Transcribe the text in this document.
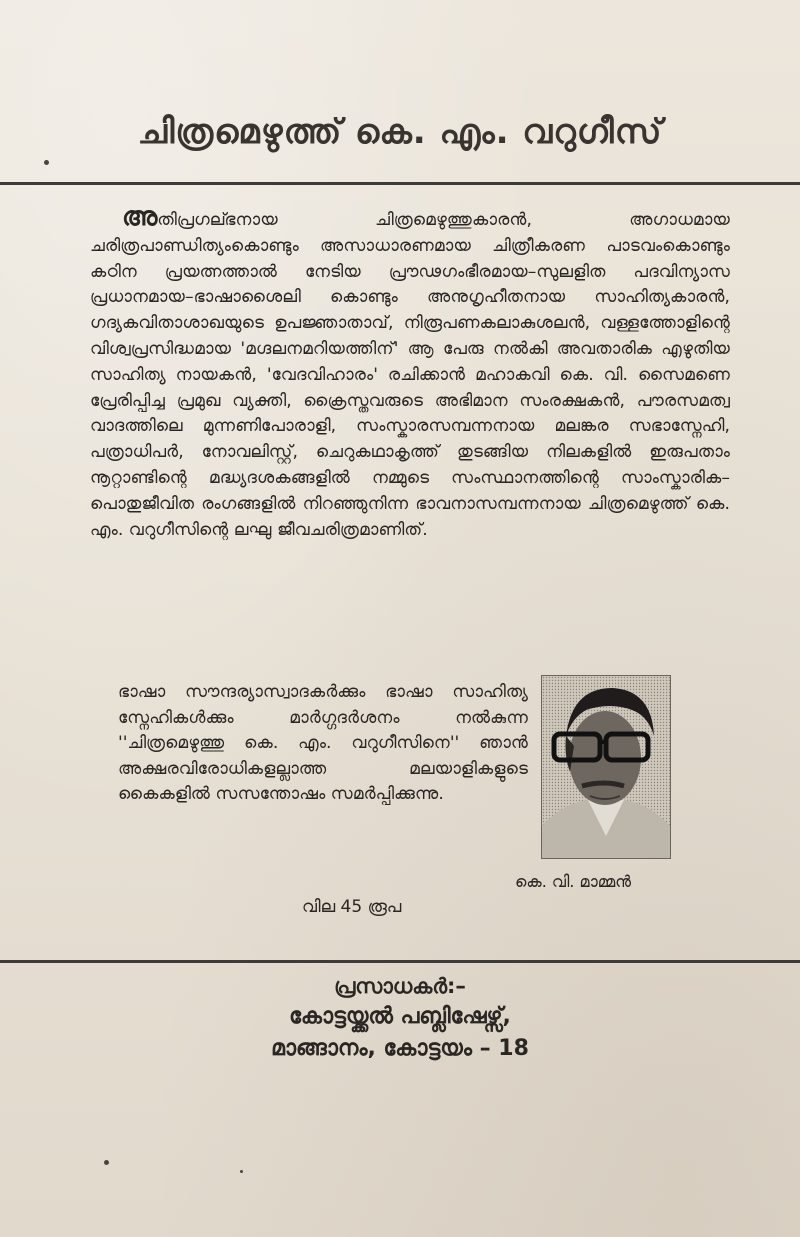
ചിത്രമെഴുത്ത് കെ. എം. വറുഗീസ്
അതിപ്രഗല്ഭനായ ചിത്രമെഴുത്തുകാരൻ, അഗാധമായ ചരിത്രപാണ്ഡിത്യംകൊണ്ടും അസാധാരണമായ ചിത്രീകരണ പാടവംകൊണ്ടും കഠിന പ്രയത്നത്താൽ നേടിയ പ്രൗഢഗംഭീരമായ–സുലളിത പദവിന്യാസ പ്രധാനമായ–ഭാഷാശൈലി കൊണ്ടും അനുഗൃഹീതനായ സാഹിത്യകാരൻ, ഗദ്യകവിതാശാഖയുടെ ഉപജ്ഞാതാവ്, നിരൂപണകലാകുശലൻ, വള്ളത്തോളിന്റെ വിശ്വപ്രസിദ്ധമായ 'മഗ്ദലനമറിയത്തിന്' ആ പേരു നൽകി അവതാരിക എഴുതിയ സാഹിത്യ നായകൻ, 'വേദവിഹാരം' രചിക്കാൻ മഹാകവി കെ. വി. സൈമണെ പ്രേരിപ്പിച്ച പ്രമുഖ വ്യക്തി, ക്രൈസ്തവരുടെ അഭിമാന സംരക്ഷകൻ, പൗരസമത്വ വാദത്തിലെ മുന്നണിപോരാളി, സംസ്കാരസമ്പന്നനായ മലങ്കര സഭാസ്നേഹി, പത്രാധിപർ, നോവലിസ്റ്റ്, ചെറുകഥാകൃത്ത് തുടങ്ങിയ നിലകളിൽ ഇരുപതാം നൂറ്റാണ്ടിന്റെ മദ്ധ്യദശകങ്ങളിൽ നമ്മുടെ സംസ്ഥാനത്തിന്റെ സാംസ്കാരിക–പൊതുജീവിത രംഗങ്ങളിൽ നിറഞ്ഞുനിന്ന ഭാവനാസമ്പന്നനായ ചിത്രമെഴുത്ത് കെ. എം. വറുഗീസിന്റെ ലഘു ജീവചരിത്രമാണിത്.
ഭാഷാ സൗന്ദര്യാസ്വാദകർക്കും ഭാഷാ സാഹിത്യ സ്നേഹികൾക്കും മാർഗ്ഗദർശനം നൽകുന്ന ''ചിത്രമെഴുത്തു കെ. എം. വറുഗീസിനെ'' ഞാൻ അക്ഷരവിരോധികളല്ലാത്ത മലയാളികളുടെ കൈകളിൽ സസന്തോഷം സമർപ്പിക്കുന്നു.
കെ. വി. മാമ്മൻ
വില 45 രൂപ
പ്രസാധകർ:–
കോട്ടയ്ക്കൽ പബ്ലിഷേഴ്സ്,
മാങ്ങാനം, കോട്ടയം – 18
